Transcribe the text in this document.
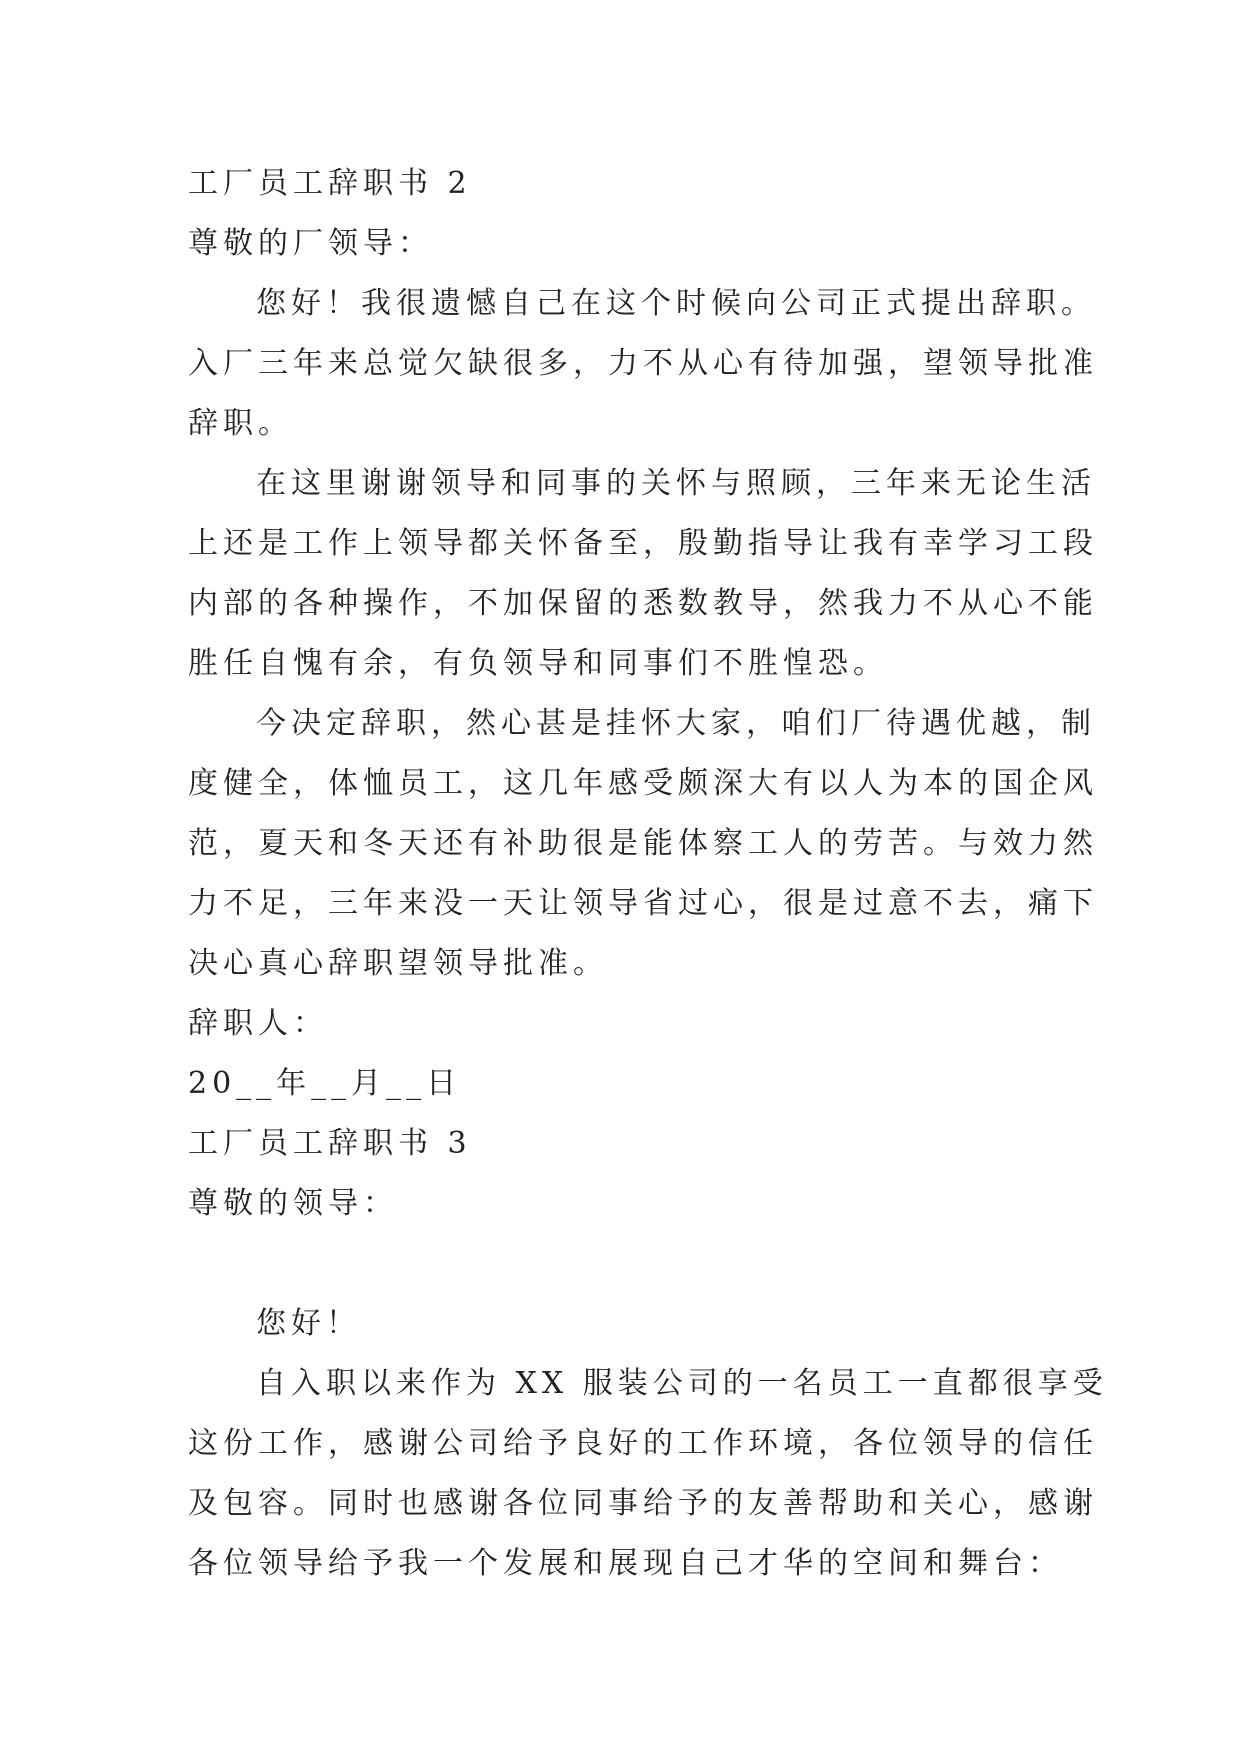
工厂员工辞职书 2

尊敬的厂领导：

您好！我很遗憾自己在这个时候向公司正式提出辞职。

入厂三年来总觉欠缺很多，力不从心有待加强，望领导批准

辞职。

在这里谢谢领导和同事的关怀与照顾，三年来无论生活

上还是工作上领导都关怀备至，殷勤指导让我有幸学习工段

内部的各种操作，不加保留的悉数教导，然我力不从心不能

胜任自愧有余，有负领导和同事们不胜惶恐。

今决定辞职，然心甚是挂怀大家，咱们厂待遇优越，制

度健全，体恤员工，这几年感受颇深大有以人为本的国企风

范，夏天和冬天还有补助很是能体察工人的劳苦。与效力然

力不足，三年来没一天让领导省过心，很是过意不去，痛下

决心真心辞职望领导批准。

辞职人：

20__年__月__日

工厂员工辞职书 3

尊敬的领导：

您好！

自入职以来作为 XX 服装公司的一名员工一直都很享受

这份工作，感谢公司给予良好的工作环境，各位领导的信任

及包容。同时也感谢各位同事给予的友善帮助和关心，感谢

各位领导给予我一个发展和展现自己才华的空间和舞台：
